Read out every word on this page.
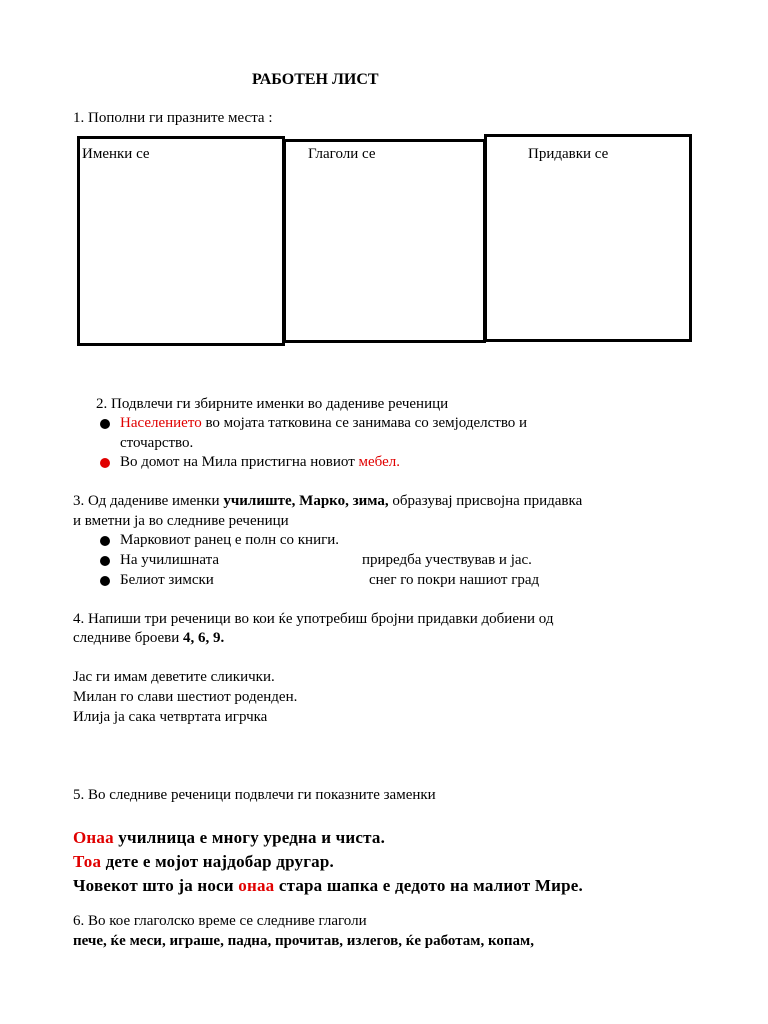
РАБОТЕН ЛИСТ
1. Пополни ги празните места :
Именки се	Глаголи се	Придавки се
2. Подвлечи ги збирните именки во дадениве реченици
Населението во мојата татковина се занимава со земјоделство и
сточарство.
Во домот на Мила пристигна новиот мебел.
3. Од дадениве именки училиште, Марко, зима, образувај присвојна придавка
и вметни ја во следниве реченици
Марковиот ранец е полн со книги.
На училишната	приредба учествував и јас.
Белиот зимски	снег го покри нашиот град
4. Напиши три реченици во кои ќе употребиш бројни придавки добиени од
следниве броеви 4, 6, 9.
Јас ги имам деветите сликички.
Милан го слави шестиот роденден.
Илија ја сака четвртата игрчка
5. Во следниве реченици подвлечи ги показните заменки
Онаа училница е многу уредна и чиста.
Тоа дете е мојот најдобар другар.
Човекот што ја носи онаа стара шапка е дедото на малиот Мире.
6. Во кое глаголско време се следниве глаголи
пече, ќе меси, играше, падна, прочитав, излегов, ќе работам, копам,
